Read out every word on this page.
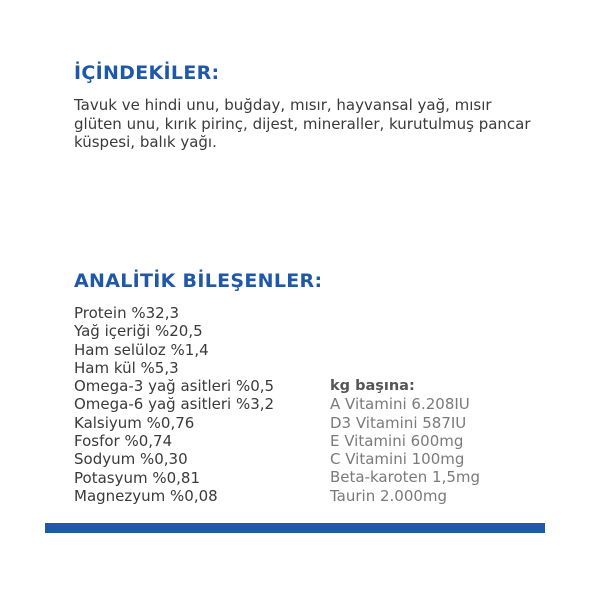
İÇİNDEKİLER:

Tavuk ve hindi unu, buğday, mısır, hayvansal yağ, mısır glüten unu, kırık pirinç, dijest, mineraller, kurutulmuş pancar küspesi, balık yağı.

ANALİTİK BİLEŞENLER:
Protein %32,3
Yağ içeriği %20,5
Ham selüloz %1,4
Ham kül %5,3
Omega-3 yağ asitleri %0,5
Omega-6 yağ asitleri %3,2
Kalsiyum %0,76
Fosfor %0,74
Sodyum %0,30
Potasyum %0,81
Magnezyum %0,08

kg başına:

A Vitamini 6.208IU
D3 Vitamini 587IU
E Vitamini 600mg
C Vitamini 100mg
Beta-karoten 1,5mg
Taurin 2.000mg
